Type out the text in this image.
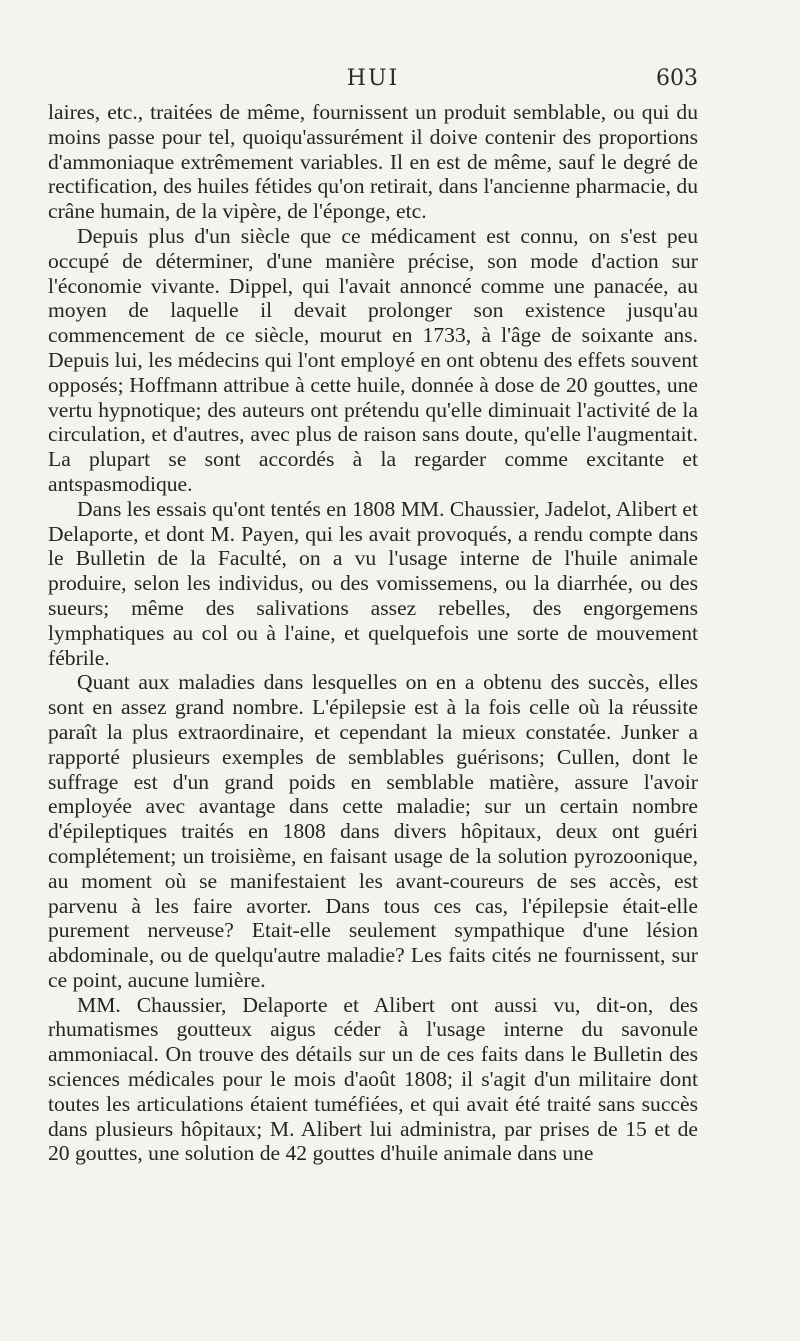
HUI	603

laires, etc., traitées de même, fournissent un produit semblable, ou qui du moins passe pour tel, quoiqu'assurément il doive contenir des proportions d'ammoniaque extrêmement variables. Il en est de même, sauf le degré de rectification, des huiles fétides qu'on retirait, dans l'ancienne pharmacie, du crâne humain, de la vipère, de l'éponge, etc.

Depuis plus d'un siècle que ce médicament est connu, on s'est peu occupé de déterminer, d'une manière précise, son mode d'action sur l'économie vivante. Dippel, qui l'avait annoncé comme une panacée, au moyen de laquelle il devait prolonger son existence jusqu'au commencement de ce siècle, mourut en 1733, à l'âge de soixante ans. Depuis lui, les médecins qui l'ont employé en ont obtenu des effets souvent opposés; Hoffmann attribue à cette huile, donnée à dose de 20 gouttes, une vertu hypnotique; des auteurs ont prétendu qu'elle diminuait l'activité de la circulation, et d'autres, avec plus de raison sans doute, qu'elle l'augmentait. La plupart se sont accordés à la regarder comme excitante et antspasmodique.

Dans les essais qu'ont tentés en 1808 MM. Chaussier, Jadelot, Alibert et Delaporte, et dont M. Payen, qui les avait provoqués, a rendu compte dans le Bulletin de la Faculté, on a vu l'usage interne de l'huile animale produire, selon les individus, ou des vomissemens, ou la diarrhée, ou des sueurs; même des salivations assez rebelles, des engorgemens lymphatiques au col ou à l'aine, et quelquefois une sorte de mouvement fébrile.

Quant aux maladies dans lesquelles on en a obtenu des succès, elles sont en assez grand nombre. L'épilepsie est à la fois celle où la réussite paraît la plus extraordinaire, et cependant la mieux constatée. Junker a rapporté plusieurs exemples de semblables guérisons; Cullen, dont le suffrage est d'un grand poids en semblable matière, assure l'avoir employée avec avantage dans cette maladie; sur un certain nombre d'épileptiques traités en 1808 dans divers hôpitaux, deux ont guéri complétement; un troisième, en faisant usage de la solution pyrozoonique, au moment où se manifestaient les avant-coureurs de ses accès, est parvenu à les faire avorter. Dans tous ces cas, l'épilepsie était-elle purement nerveuse? Etait-elle seulement sympathique d'une lésion abdominale, ou de quelqu'autre maladie? Les faits cités ne fournissent, sur ce point, aucune lumière.

MM. Chaussier, Delaporte et Alibert ont aussi vu, dit-on, des rhumatismes goutteux aigus céder à l'usage interne du savonule ammoniacal. On trouve des détails sur un de ces faits dans le Bulletin des sciences médicales pour le mois d'août 1808; il s'agit d'un militaire dont toutes les articulations étaient tuméfiées, et qui avait été traité sans succès dans plusieurs hôpitaux; M. Alibert lui administra, par prises de 15 et de 20 gouttes, une solution de 42 gouttes d'huile animale dans une
